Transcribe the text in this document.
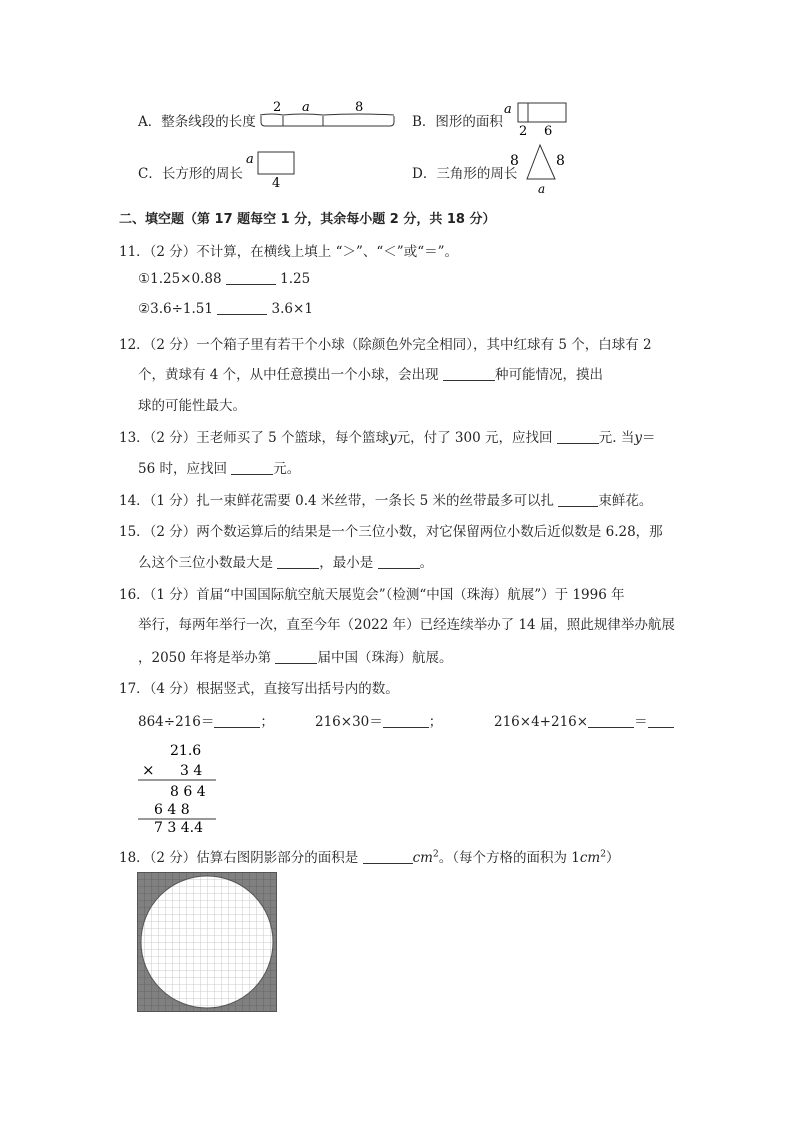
A．整条线段的长度
2 a	8
B．图形的面积
a
2 6
C．长方形的周长
a
4
D．三角形的周长
8	8
a
二、填空题（第 17 题每空 1 分，其余每小题 2 分，共 18 分）
11．（2 分）不计算，在横线上填上 “＞”、“＜”或“＝”。
①1.25×0.88	1.25
②3.6÷1.51	3.6×1
12．（2 分）一个箱子里有若干个小球（除颜色外完全相同），其中红球有 5 个，白球有 2
个，黄球有 4 个，从中任意摸出一个小球，会出现	种可能情况，摸出
球的可能性最大。
13．（2 分）王老师买了 5 个篮球，每个篮球y元，付了 300 元，应找回	元. 当y＝
56 时，应找回	元。
14．（1 分）扎一束鲜花需要 0.4 米丝带，一条长 5 米的丝带最多可以扎	束鲜花。
15．（2 分）两个数运算后的结果是一个三位小数，对它保留两位小数后近似数是 6.28，那
么这个三位小数最大是	，最小是	。
16．（1 分）首届“中国国际航空航天展览会”（检测“中国（珠海）航展”）于 1996 年
举行，每两年举行一次，直至今年（2022 年）已经连续举办了 14 届，照此规律举办航展
，2050 年将是举办第	届中国（珠海）航展。
17．（4 分）根据竖式，直接写出括号内的数。
864÷216＝	；	216×30＝	；	216×4+216×	＝
21.6
× 3 4
8 6 4
6 4 8
7 3 4.4
18．（2 分）估算右图阴影部分的面积是	$cm^2$。（每个方格的面积为 $1cm^2$）
